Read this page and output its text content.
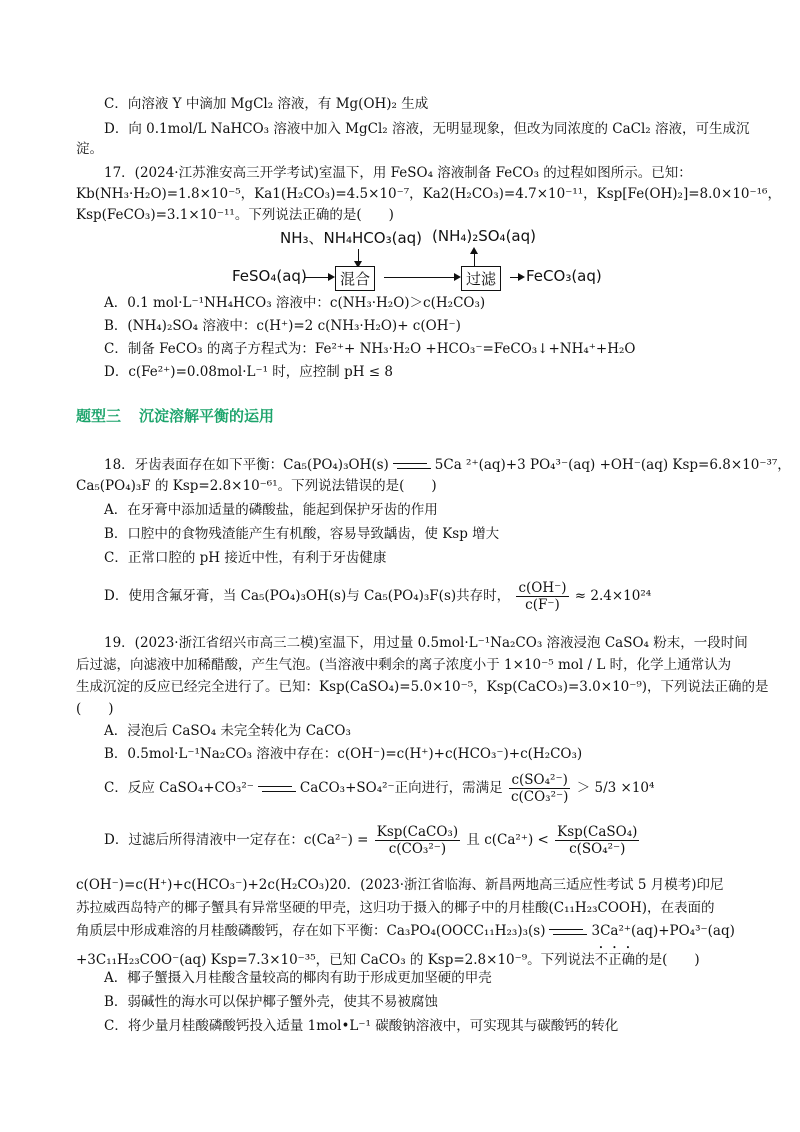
C．向溶液 Y 中滴加 MgCl₂ 溶液，有 Mg(OH)₂ 生成
D．向 0.1mol/L NaHCO₃ 溶液中加入 MgCl₂ 溶液，无明显现象，但改为同浓度的 CaCl₂ 溶液，可生成沉
淀。
17．(2024·江苏淮安高三开学考试)室温下，用 FeSO₄ 溶液制备 FeCO₃ 的过程如图所示。已知：
Kb(NH₃·H₂O)=1.8×10⁻⁵，Ka1(H₂CO₃)=4.5×10⁻⁷，Ka2(H₂CO₃)=4.7×10⁻¹¹，Ksp[Fe(OH)₂]=8.0×10⁻¹⁶，
Ksp(FeCO₃)=3.1×10⁻¹¹。下列说法正确的是(　　)
NH₃、NH₄HCO₃(aq) (NH₄)₂SO₄(aq)
FeSO₄(aq)	混合	过滤	FeCO₃(aq)
A．0.1 mol·L⁻¹NH₄HCO₃ 溶液中：c(NH₃·H₂O)＞c(H₂CO₃)
B．(NH₄)₂SO₄ 溶液中：c(H⁺)=2 c(NH₃·H₂O)+ c(OH⁻)
C．制备 FeCO₃ 的离子方程式为：Fe²⁺+ NH₃·H₂O +HCO₃⁻=FeCO₃↓+NH₄⁺+H₂O
D．c(Fe²⁺)=0.08mol·L⁻¹ 时，应控制 pH ≤ 8
题型三 沉淀溶解平衡的运用
18．牙齿表面存在如下平衡：Ca₅(PO₄)₃OH(s)	5Ca ²⁺(aq)+3 PO₄³⁻(aq) +OH⁻(aq) Ksp=6.8×10⁻³⁷，
Ca₅(PO₄)₃F 的 Ksp=2.8×10⁻⁶¹。下列说法错误的是(　　)
A．在牙膏中添加适量的磷酸盐，能起到保护牙齿的作用
B．口腔中的食物残渣能产生有机酸，容易导致龋齿，使 Ksp 增大
C．正常口腔的 pH 接近中性，有利于牙齿健康
D．使用含氟牙膏，当 Ca₅(PO₄)₃OH(s)与 Ca₅(PO₄)₃F(s)共存时， $\frac{c(OH^-)}{c(F^-)} \approx 2.4\times 10^{24}$
19．(2023·浙江省绍兴市高三二模)室温下，用过量 0.5mol·L⁻¹Na₂CO₃ 溶液浸泡 CaSO₄ 粉末，一段时间
后过滤，向滤液中加稀醋酸，产生气泡。(当溶液中剩余的离子浓度小于 1×10⁻⁵ mol / L 时，化学上通常认为
生成沉淀的反应已经完全进行了。已知：Ksp(CaSO₄)=5.0×10⁻⁵，Ksp(CaCO₃)=3.0×10⁻⁹)，下列说法正确的是
(　　)
A．浸泡后 CaSO₄ 未完全转化为 CaCO₃
B．0.5mol·L⁻¹Na₂CO₃ 溶液中存在：c(OH⁻)=c(H⁺)+c(HCO₃⁻)+c(H₂CO₃)
C．反应 CaSO₄+CO₃²⁻	CaCO₃+SO₄²⁻正向进行，需满足 $\frac{\text{c(SO₄²⁻)}}{\text{c(CO₃²⁻)}} > 5/3 \times 10^4$
D．过滤后所得清液中一定存在：$c(Ca^{2-}) = \frac{\text{Ksp(CaCO₃)}}{\text{c(CO₃²⁻)}}$ 且 $c(Ca^{2+}) < \frac{\text{Ksp(CaSO₄)}}{\text{c(SO₄²⁻)}}$
c(OH⁻)=c(H⁺)+c(HCO₃⁻)+2c(H₂CO₃)20．(2023·浙江省临海、新昌两地高三适应性考试 5 月模考)印尼
苏拉威西岛特产的椰子蟹具有异常坚硬的甲壳，这归功于摄入的椰子中的月桂酸(C₁₁H₂₃COOH)，在表面的
角质层中形成难溶的月桂酸磷酸钙，存在如下平衡：Ca₃PO₄(OOCC₁₁H₂₃)₃(s)	3Ca²⁺(aq)+PO₄³⁻(aq)
+3C₁₁H₂₃COO⁻(aq) Ksp=7.3×10⁻³⁵，已知 CaCO₃ 的 Ksp=2.8×10⁻⁹。下列说法不正确的是(　　)
A．椰子蟹摄入月桂酸含量较高的椰肉有助于形成更加坚硬的甲壳
B．弱碱性的海水可以保护椰子蟹外壳，使其不易被腐蚀
C．将少量月桂酸磷酸钙投入适量 1mol•L⁻¹ 碳酸钠溶液中，可实现其与碳酸钙的转化
